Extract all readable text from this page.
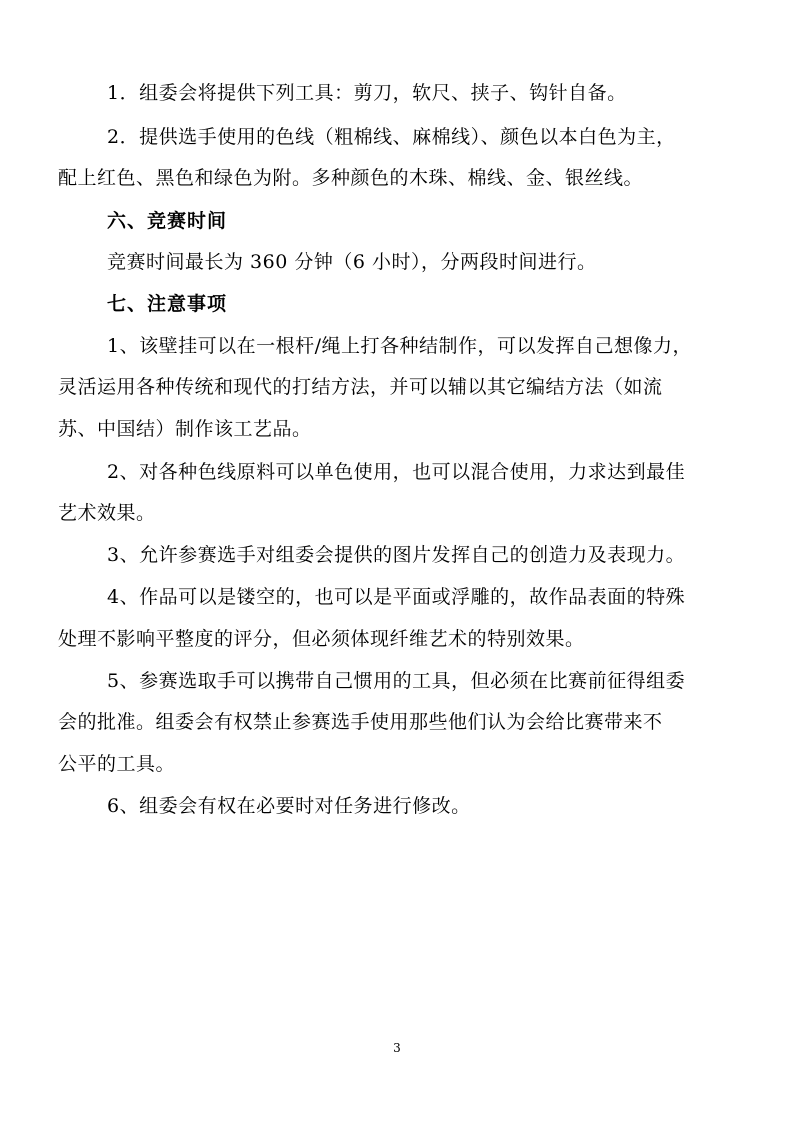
1．组委会将提供下列工具：剪刀，软尺、挟子、钩针自备。
2．提供选手使用的色线（粗棉线、麻棉线）、颜色以本白色为主，
配上红色、黑色和绿色为附。多种颜色的木珠、棉线、金、银丝线。
六、竞赛时间
竞赛时间最长为 360 分钟（6 小时），分两段时间进行。
七、注意事项
1、该壁挂可以在一根杆/绳上打各种结制作，可以发挥自己想像力，
灵活运用各种传统和现代的打结方法，并可以辅以其它编结方法（如流
苏、中国结）制作该工艺品。
2、对各种色线原料可以单色使用，也可以混合使用，力求达到最佳
艺术效果。
3、允许参赛选手对组委会提供的图片发挥自己的创造力及表现力。
4、作品可以是镂空的，也可以是平面或浮雕的，故作品表面的特殊
处理不影响平整度的评分，但必须体现纤维艺术的特别效果。
5、参赛选取手可以携带自己惯用的工具，但必须在比赛前征得组委
会的批准。组委会有权禁止参赛选手使用那些他们认为会给比赛带来不
公平的工具。
6、组委会有权在必要时对任务进行修改。
3
